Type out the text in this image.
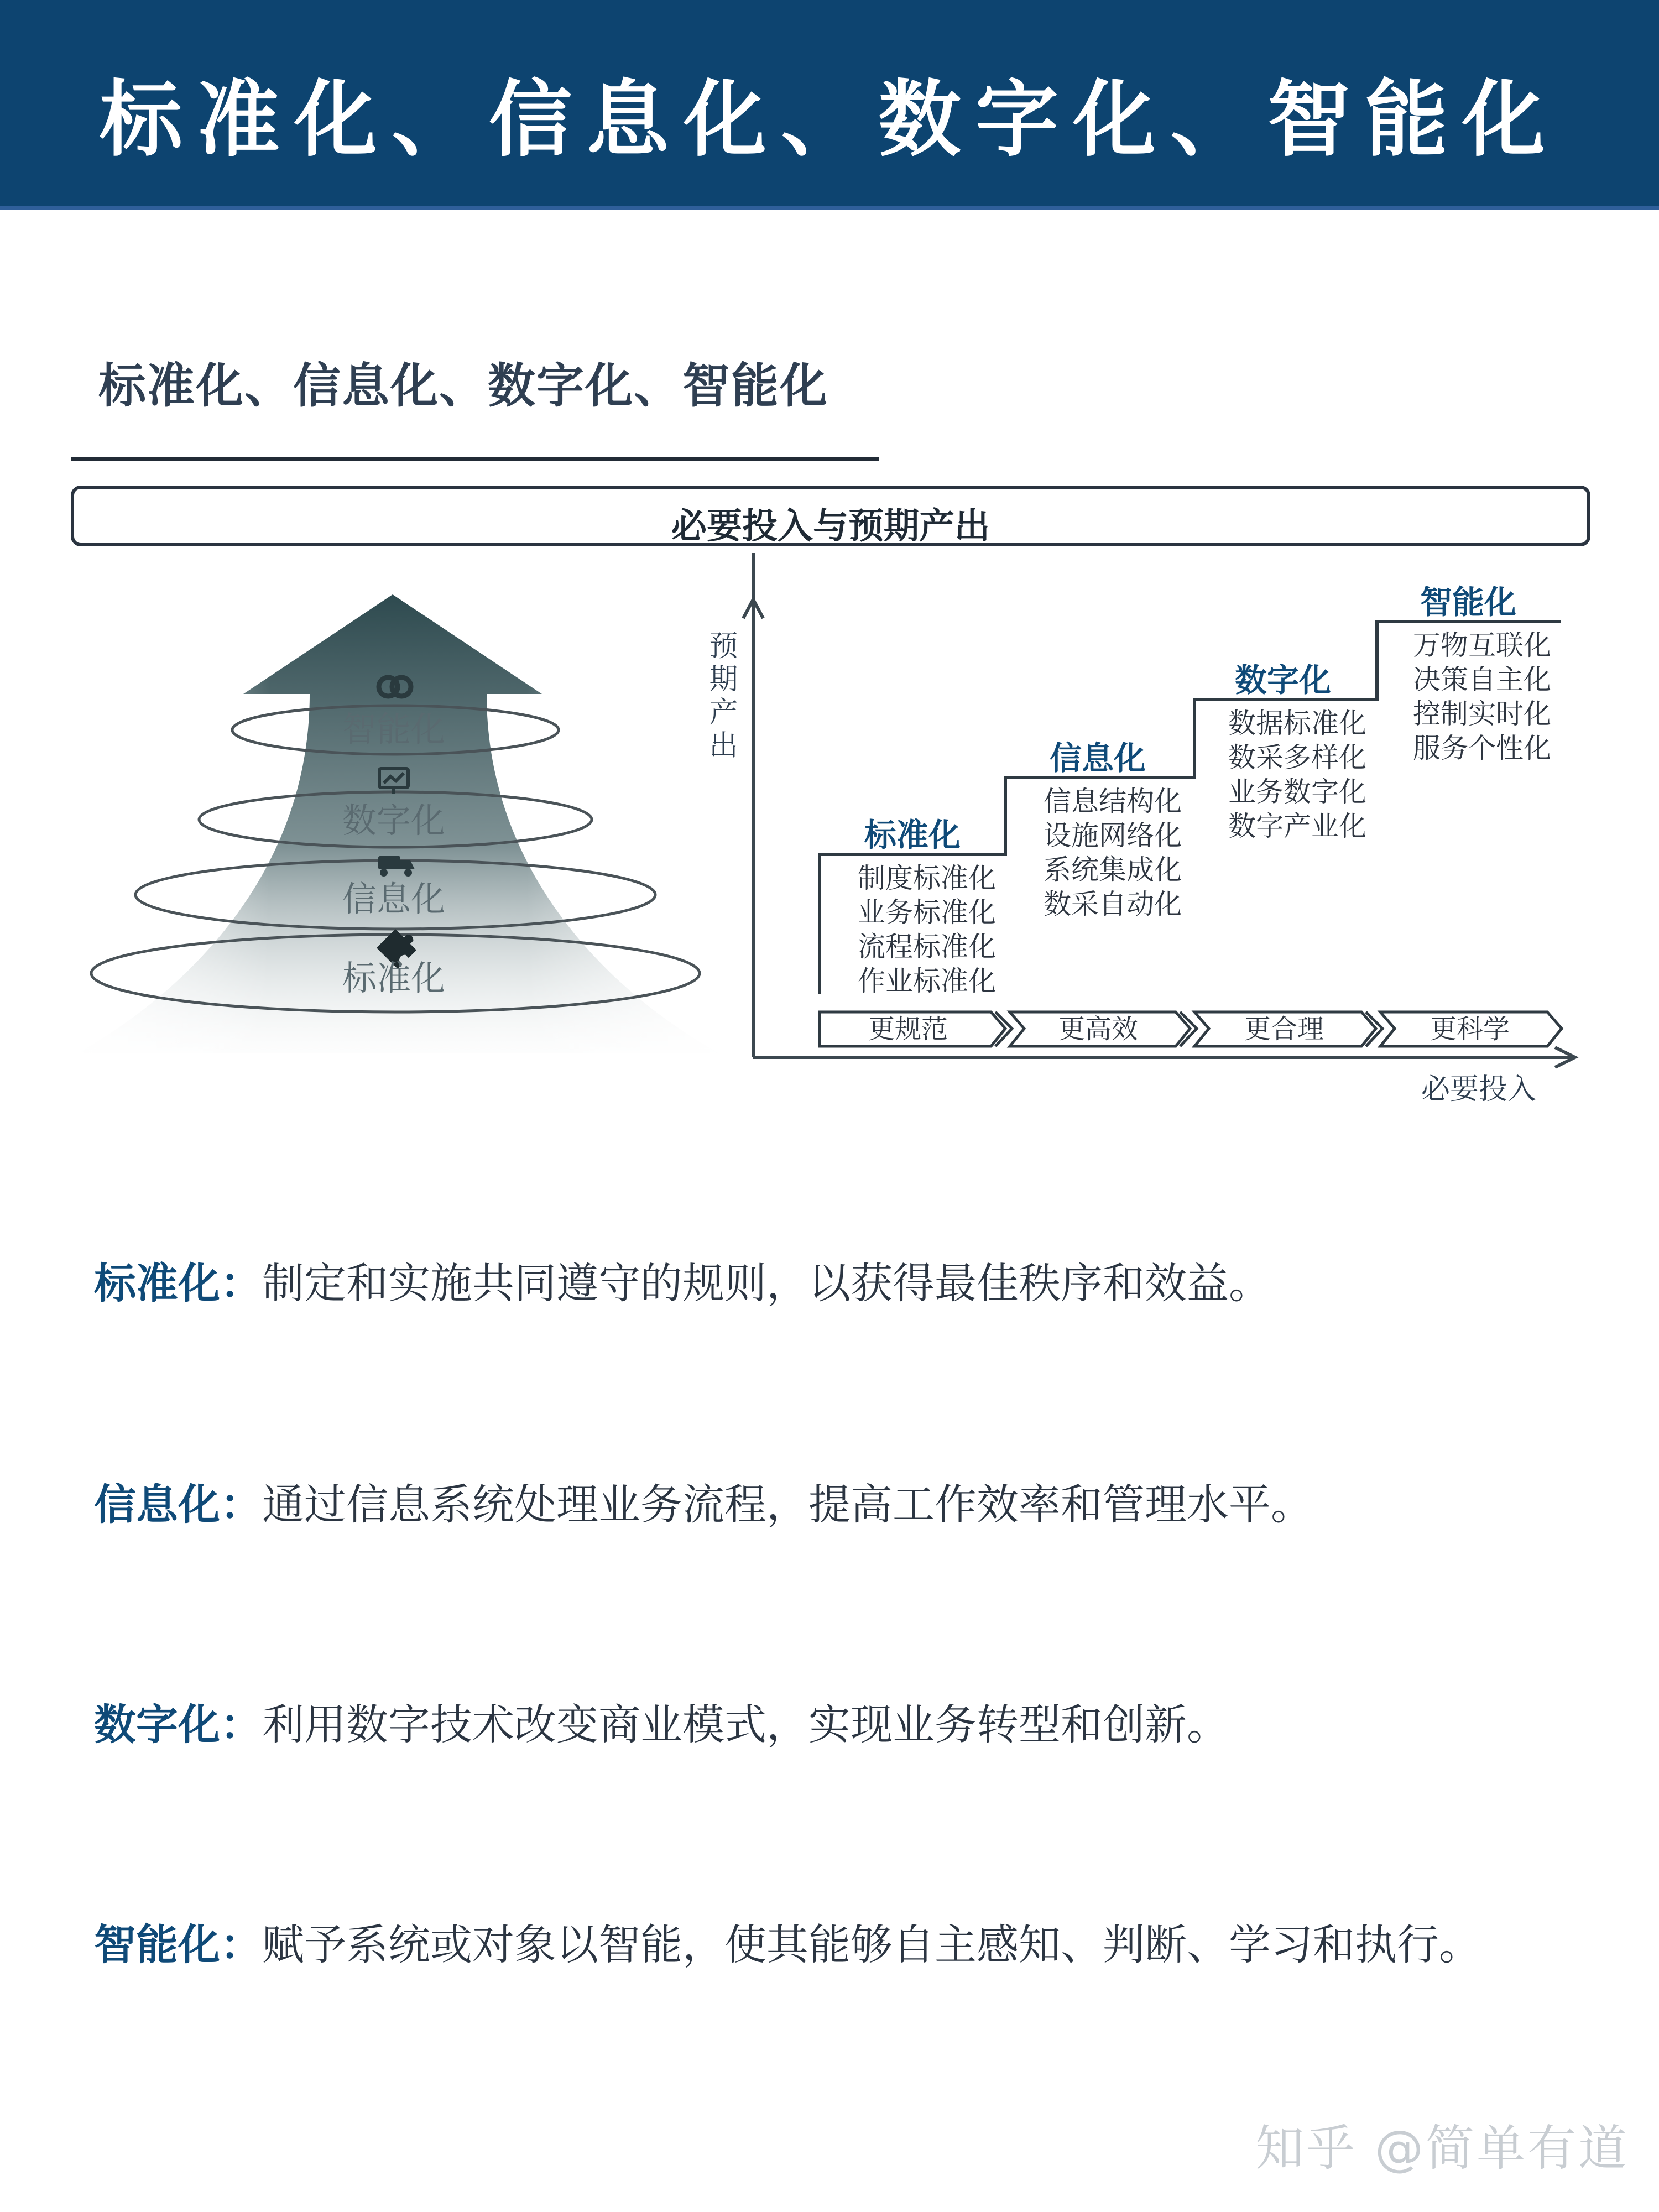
标准化、信息化、数字化、智能化
标准化、信息化、数字化、智能化
必要投入与预期产出
智能化
数字化
信息化
标准化
预期产出
必要投入
标准化
信息化
数字化
智能化
制度标准化
业务标准化
流程标准化
作业标准化
信息结构化
设施网络化
系统集成化
数采自动化
数据标准化
数采多样化
业务数字化
数字产业化
万物互联化
决策自主化
控制实时化
服务个性化
更规范	更高效	更合理	更科学
标准化：制定和实施共同遵守的规则，以获得最佳秩序和效益。
信息化：通过信息系统处理业务流程，提高工作效率和管理水平。
数字化：利用数字技术改变商业模式，实现业务转型和创新。
智能化：赋予系统或对象以智能，使其能够自主感知、判断、学习和执行。
知乎 @简单有道
